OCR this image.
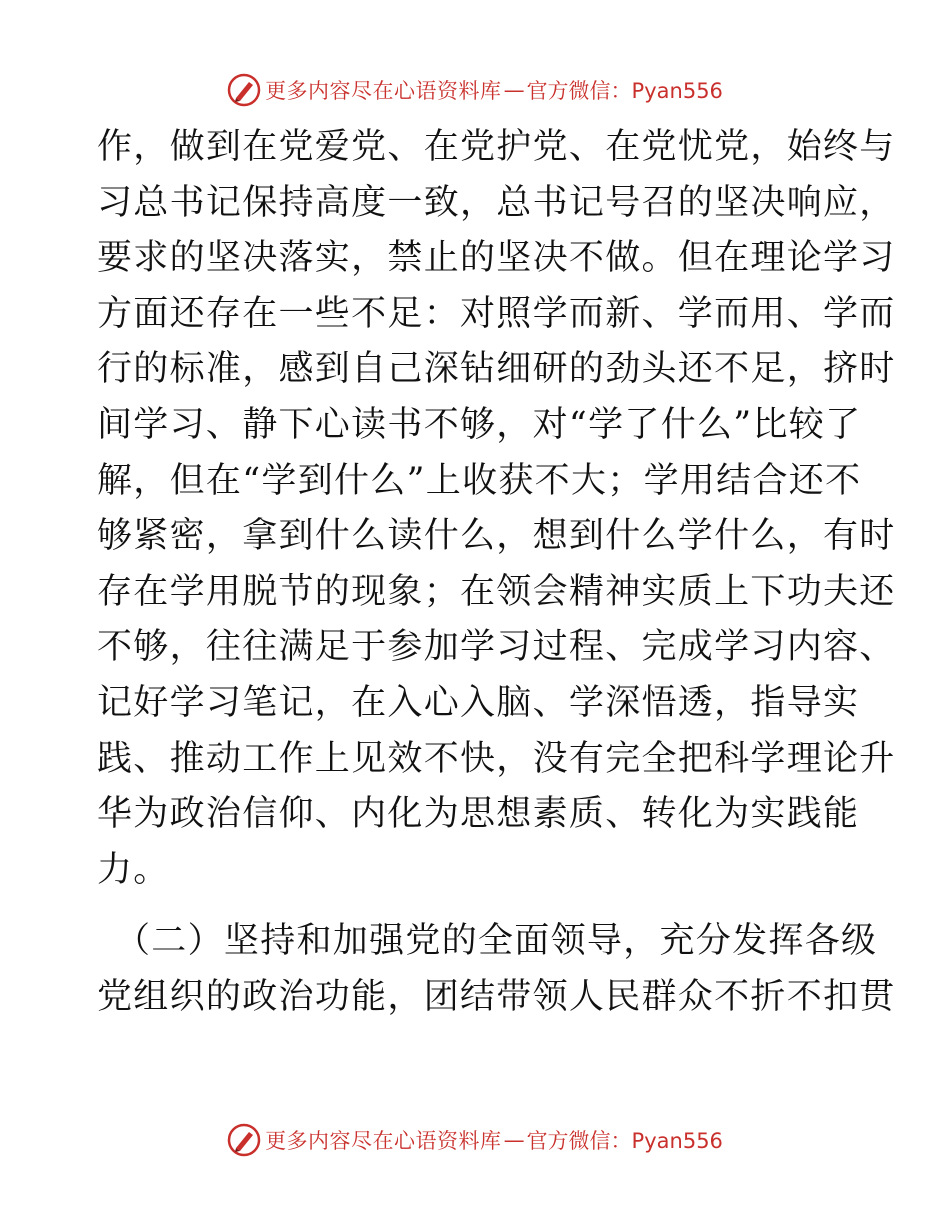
更多内容尽在心语资料库 — 官方微信：Pyan556
作，做到在党爱党、在党护党、在党忧党，始终与
习总书记保持高度一致，总书记号召的坚决响应，
要求的坚决落实，禁止的坚决不做。但在理论学习
方面还存在一些不足：对照学而新、学而用、学而
行的标准，感到自己深钻细研的劲头还不足，挤时
间学习、静下心读书不够，对“学了什么”比较了
解，但在“学到什么”上收获不大；学用结合还不
够紧密，拿到什么读什么，想到什么学什么，有时
存在学用脱节的现象；在领会精神实质上下功夫还
不够，往往满足于参加学习过程、完成学习内容、
记好学习笔记，在入心入脑、学深悟透，指导实
践、推动工作上见效不快，没有完全把科学理论升
华为政治信仰、内化为思想素质、转化为实践能
力。
（二）坚持和加强党的全面领导，充分发挥各级
党组织的政治功能，团结带领人民群众不折不扣贯
更多内容尽在心语资料库 — 官方微信：Pyan556
